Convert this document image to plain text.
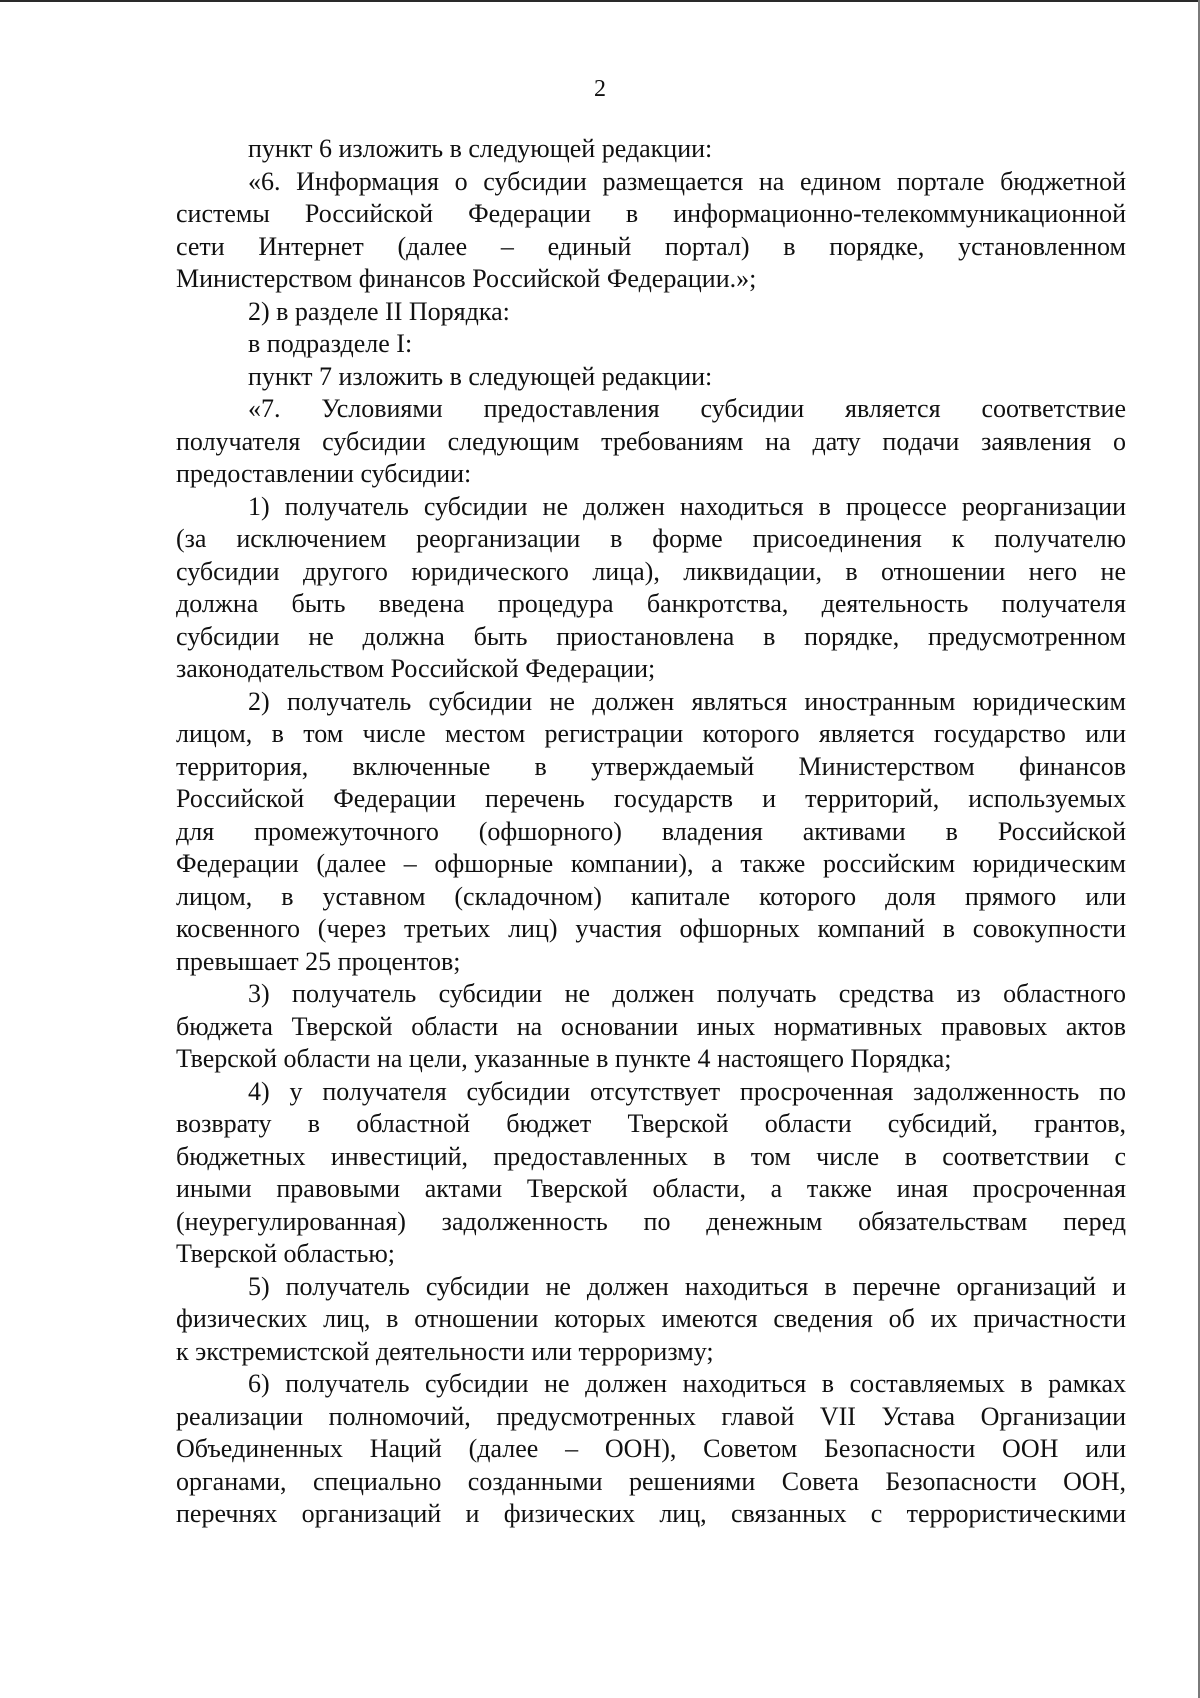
2
пункт 6 изложить в следующей редакции:
«6. Информация о субсидии размещается на едином портале бюджетной
системы Российской Федерации в информационно-телекоммуникационной
сети Интернет (далее – единый портал) в порядке, установленном
Министерством финансов Российской Федерации.»;
2) в разделе II Порядка:
в подразделе I:
пункт 7 изложить в следующей редакции:
«7. Условиями предоставления субсидии является соответствие
получателя субсидии следующим требованиям на дату подачи заявления о
предоставлении субсидии:
1) получатель субсидии не должен находиться в процессе реорганизации
(за исключением реорганизации в форме присоединения к получателю
субсидии другого юридического лица), ликвидации, в отношении него не
должна быть введена процедура банкротства, деятельность получателя
субсидии не должна быть приостановлена в порядке, предусмотренном
законодательством Российской Федерации;
2) получатель субсидии не должен являться иностранным юридическим
лицом, в том числе местом регистрации которого является государство или
территория, включенные в утверждаемый Министерством финансов
Российской Федерации перечень государств и территорий, используемых
для промежуточного (офшорного) владения активами в Российской
Федерации (далее – офшорные компании), а также российским юридическим
лицом, в уставном (складочном) капитале которого доля прямого или
косвенного (через третьих лиц) участия офшорных компаний в совокупности
превышает 25 процентов;
3) получатель субсидии не должен получать средства из областного
бюджета Тверской области на основании иных нормативных правовых актов
Тверской области на цели, указанные в пункте 4 настоящего Порядка;
4) у получателя субсидии отсутствует просроченная задолженность по
возврату в областной бюджет Тверской области субсидий, грантов,
бюджетных инвестиций, предоставленных в том числе в соответствии с
иными правовыми актами Тверской области, а также иная просроченная
(неурегулированная) задолженность по денежным обязательствам перед
Тверской областью;
5) получатель субсидии не должен находиться в перечне организаций и
физических лиц, в отношении которых имеются сведения об их причастности
к экстремистской деятельности или терроризму;
6) получатель субсидии не должен находиться в составляемых в рамках
реализации полномочий, предусмотренных главой VII Устава Организации
Объединенных Наций (далее – ООН), Советом Безопасности ООН или
органами, специально созданными решениями Совета Безопасности ООН,
перечнях организаций и физических лиц, связанных с террористическими
